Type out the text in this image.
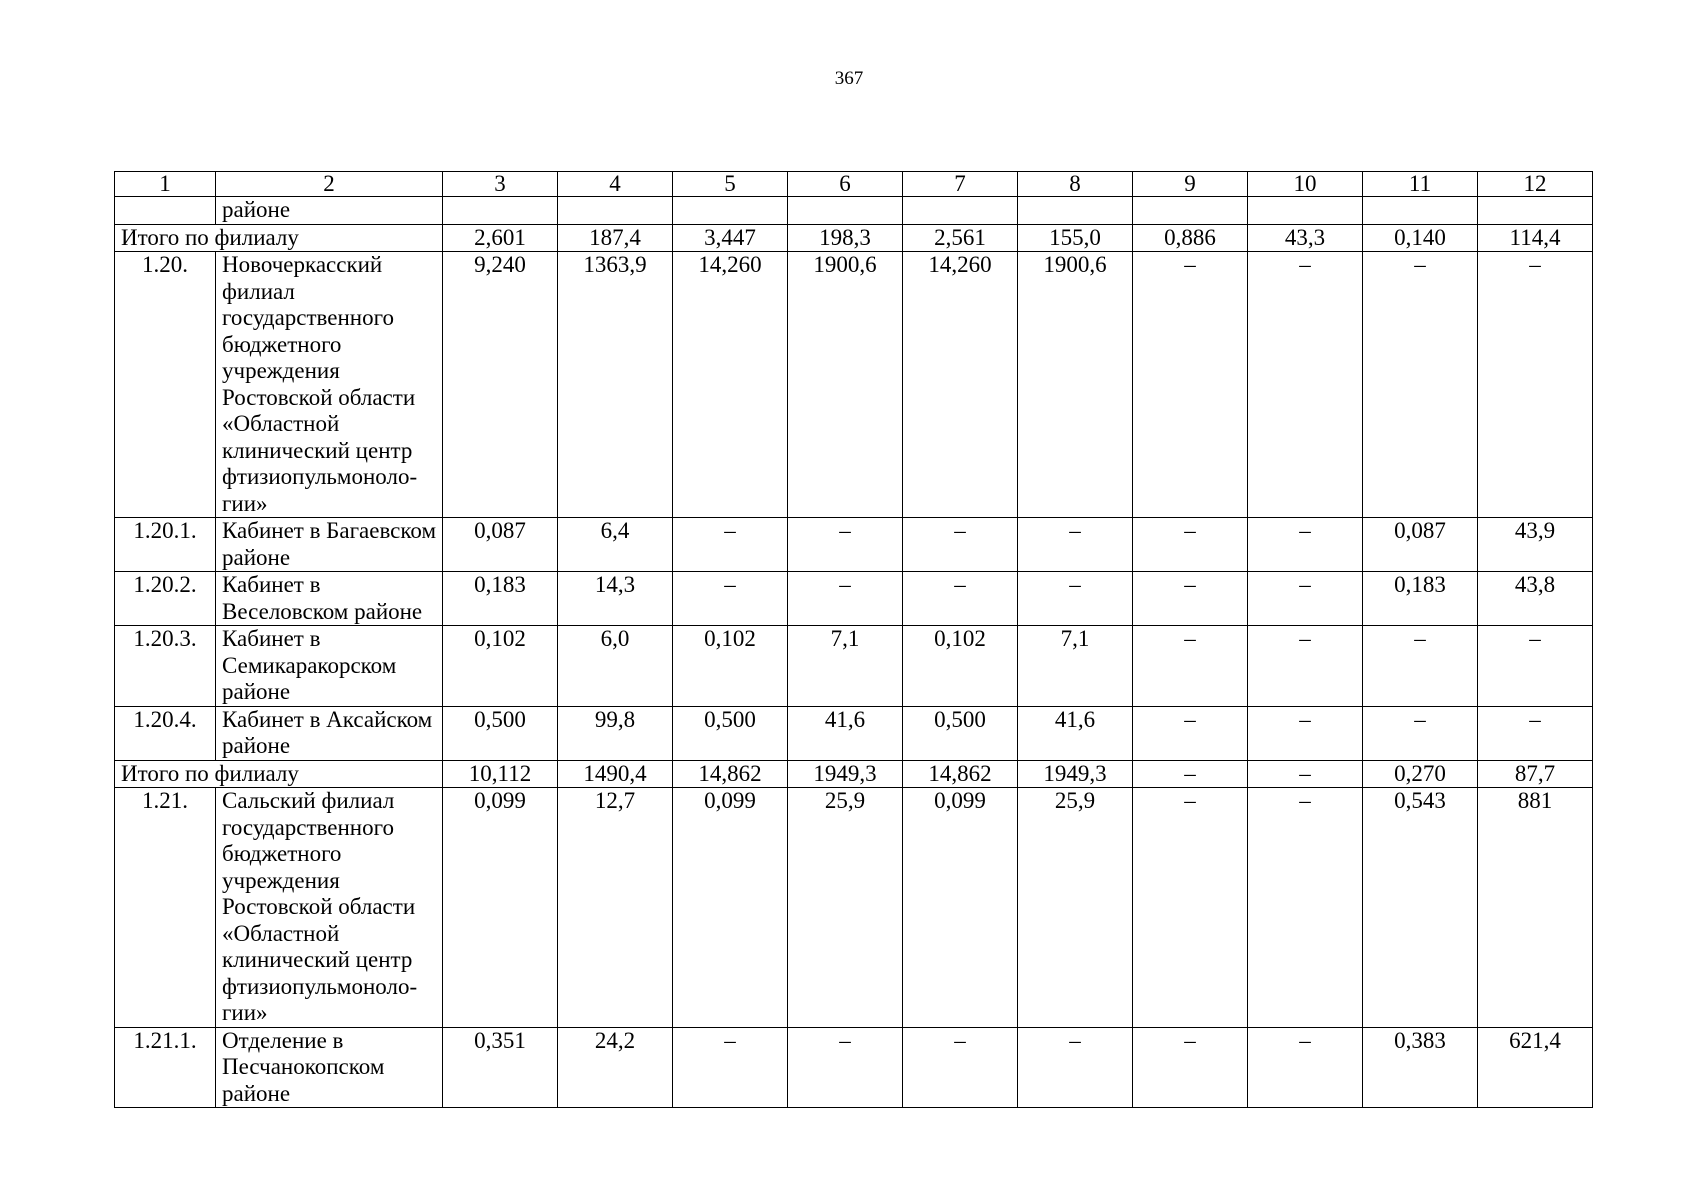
367
1	2	3	4	5	6	7	8	9	10	11	12
	районе										
Итого по филиалу		2,601	187,4	3,447	198,3	2,561	155,0	0,886	43,3	0,140	114,4
1.20.	Новочеркасский филиал государственного бюджетного учреждения Ростовской области «Областной клинический центр фтизиопульмоноло-гии»	9,240	1363,9	14,260	1900,6	14,260	1900,6	–	–	–	–
1.20.1.	Кабинет в Багаевском районе	0,087	6,4	–	–	–	–	–	–	0,087	43,9
1.20.2.	Кабинет в Веселовском районе	0,183	14,3	–	–	–	–	–	–	0,183	43,8
1.20.3.	Кабинет в Семикаракорском районе	0,102	6,0	0,102	7,1	0,102	7,1	–	–	–	–
1.20.4.	Кабинет в Аксайском районе	0,500	99,8	0,500	41,6	0,500	41,6	–	–	–	–
Итого по филиалу		10,112	1490,4	14,862	1949,3	14,862	1949,3	–	–	0,270	87,7
1.21.	Сальский филиал государственного бюджетного учреждения Ростовской области «Областной клинический центр фтизиопульмоноло-гии»	0,099	12,7	0,099	25,9	0,099	25,9	–	–	0,543	881
1.21.1.	Отделение в Песчанокопском районе	0,351	24,2	–	–	–	–	–	–	0,383	621,4
